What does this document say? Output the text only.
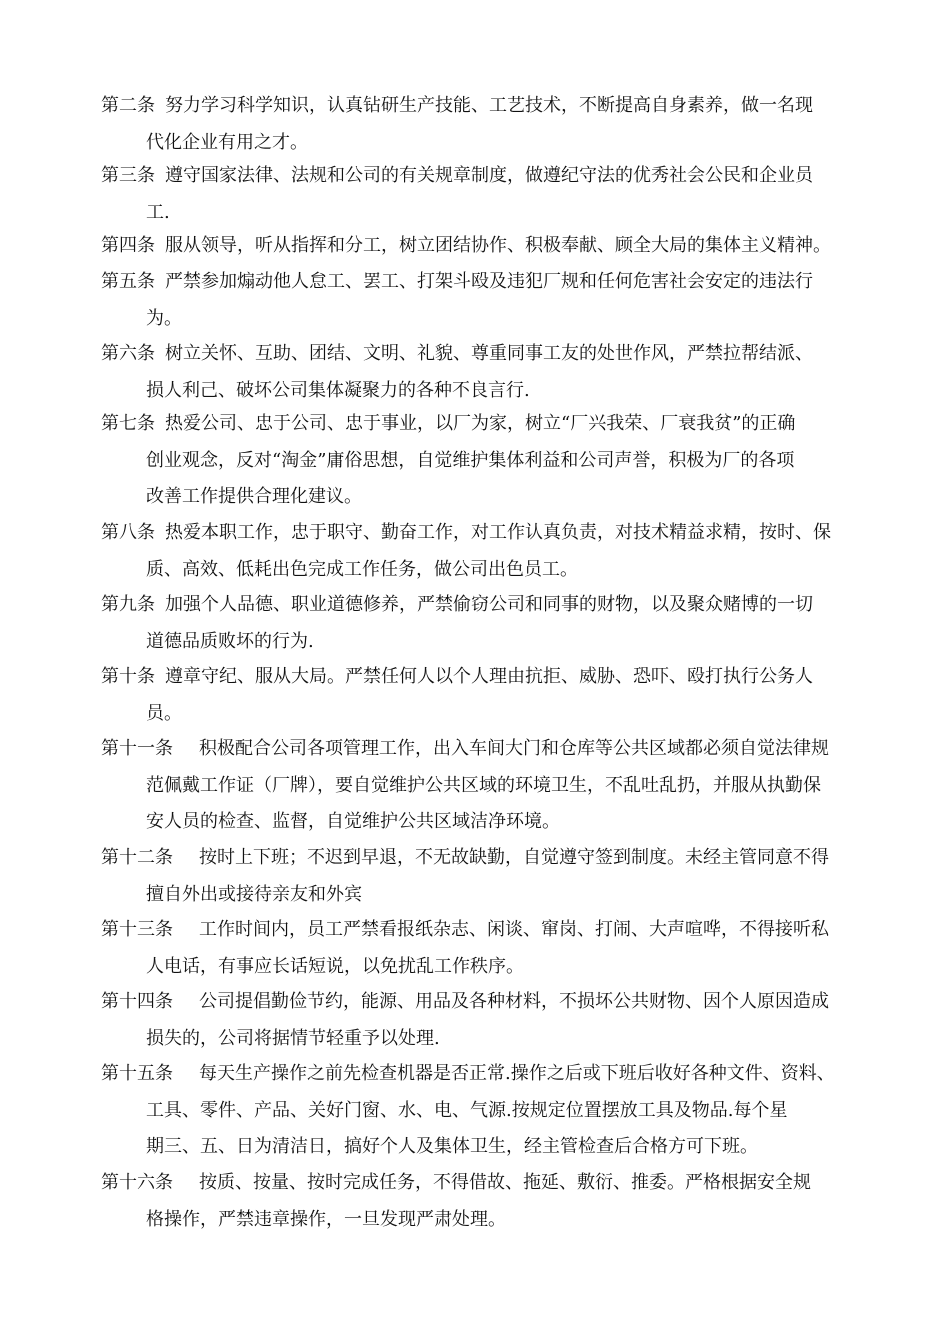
第二条 努力学习科学知识，认真钻研生产技能、工艺技术，不断提高自身素养，做一名现
代化企业有用之才。
第三条 遵守国家法律、法规和公司的有关规章制度，做遵纪守法的优秀社会公民和企业员
工.
第四条 服从领导，听从指挥和分工，树立团结协作、积极奉献、顾全大局的集体主义精神。
第五条 严禁参加煽动他人怠工、罢工、打架斗殴及违犯厂规和任何危害社会安定的违法行
为。
第六条 树立关怀、互助、团结、文明、礼貌、尊重同事工友的处世作风，严禁拉帮结派、
损人利己、破坏公司集体凝聚力的各种不良言行.
第七条 热爱公司、忠于公司、忠于事业，以厂为家，树立“厂兴我荣、厂衰我贫”的正确
创业观念，反对“淘金”庸俗思想，自觉维护集体利益和公司声誉，积极为厂的各项
改善工作提供合理化建议。
第八条 热爱本职工作，忠于职守、勤奋工作，对工作认真负责，对技术精益求精，按时、保
质、高效、低耗出色完成工作任务，做公司出色员工。
第九条 加强个人品德、职业道德修养，严禁偷窃公司和同事的财物，以及聚众赌博的一切
道德品质败坏的行为.
第十条 遵章守纪、服从大局。严禁任何人以个人理由抗拒、威胁、恐吓、殴打执行公务人
员。
第十一条 积极配合公司各项管理工作，出入车间大门和仓库等公共区域都必须自觉法律规
范佩戴工作证（厂牌），要自觉维护公共区域的环境卫生，不乱吐乱扔，并服从执勤保
安人员的检查、监督，自觉维护公共区域洁净环境。
第十二条 按时上下班；不迟到早退，不无故缺勤，自觉遵守签到制度。未经主管同意不得
擅自外出或接待亲友和外宾
第十三条 工作时间内，员工严禁看报纸杂志、闲谈、窜岗、打闹、大声喧哗，不得接听私
人电话，有事应长话短说，以免扰乱工作秩序。
第十四条 公司提倡勤俭节约，能源、用品及各种材料，不损坏公共财物、因个人原因造成
损失的，公司将据情节轻重予以处理.
第十五条 每天生产操作之前先检查机器是否正常.操作之后或下班后收好各种文件、资料、
工具、零件、产品、关好门窗、水、电、气源.按规定位置摆放工具及物品.每个星
期三、五、日为清洁日，搞好个人及集体卫生，经主管检查后合格方可下班。
第十六条 按质、按量、按时完成任务，不得借故、拖延、敷衍、推委。严格根据安全规
格操作，严禁违章操作，一旦发现严肃处理。
